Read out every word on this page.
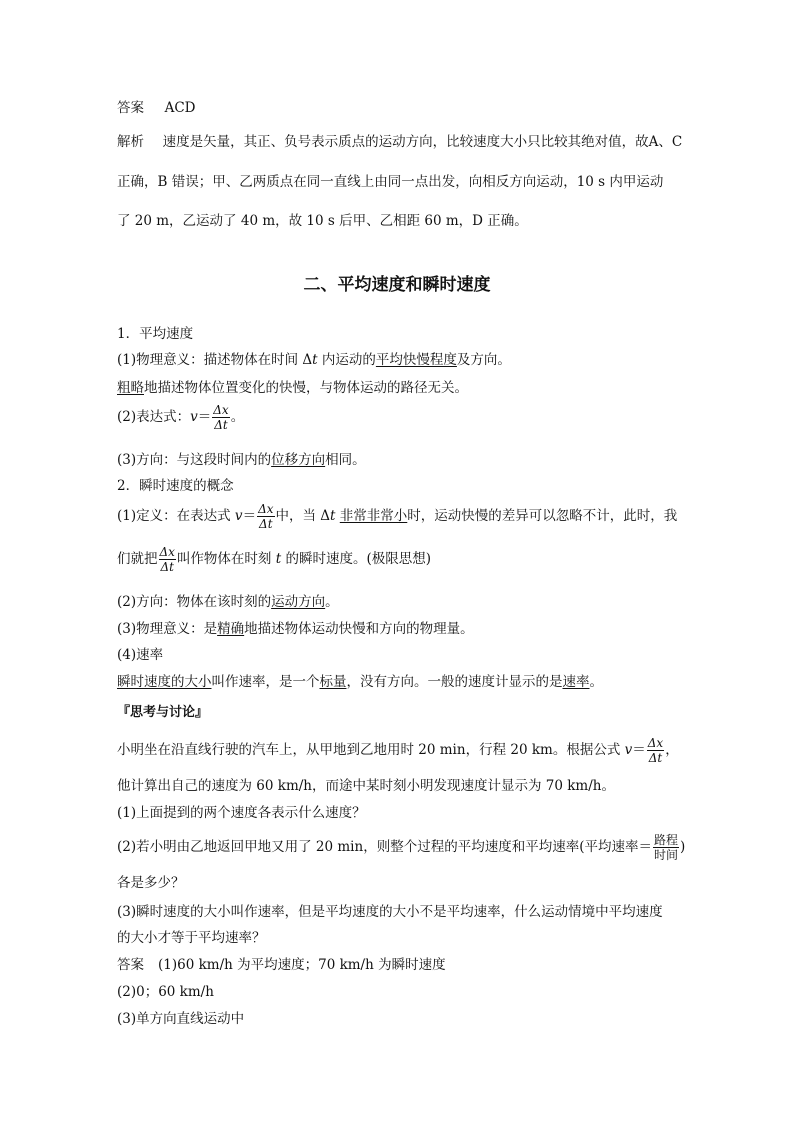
答案 ACD
解析 速度是矢量，其正、负号表示质点的运动方向，比较速度大小只比较其绝对值，故A、C
正确，B 错误；甲、乙两质点在同一直线上由同一点出发，向相反方向运动，10 s 内甲运动
了 20 m，乙运动了 40 m，故 10 s 后甲、乙相距 60 m，D 正确。
二、平均速度和瞬时速度
1．平均速度
(1)物理意义：描述物体在时间 Δt 内运动的平均快慢程度及方向。
粗略地描述物体位置变化的快慢，与物体运动的路径无关。
(2)表达式：$v= \frac{\Delta x}{\Delta t}$ 。
(3)方向：与这段时间内的位移方向相同。
2．瞬时速度的概念
(1)定义：在表达式 $v= \frac{\Delta x}{\Delta t}$ 中，当 Δt 非常非常小时，运动快慢的差异可以忽略不计，此时，我
们就把 $\frac{\Delta x}{\Delta t}$ 叫作物体在时刻 t 的瞬时速度。(极限思想)
(2)方向：物体在该时刻的运动方向。
(3)物理意义：是精确地描述物体运动快慢和方向的物理量。
(4)速率
瞬时速度的大小叫作速率，是一个标量，没有方向。一般的速度计显示的是速率。
『思考与讨论』
小明坐在沿直线行驶的汽车上，从甲地到乙地用时 20 min，行程 20 km。根据公式 $v= \frac{\Delta x}{\Delta t}$ ，
他计算出自己的速度为 60 km/h，而途中某时刻小明发现速度计显示为 70 km/h。
(1)上面提到的两个速度各表示什么速度？
(2)若小明由乙地返回甲地又用了 20 min，则整个过程的平均速度和平均速率(平均速率＝ $\frac{\text{路程}}{\text{时间}}$ )
各是多少？
(3)瞬时速度的大小叫作速率，但是平均速度的大小不是平均速率，什么运动情境中平均速度
的大小才等于平均速率？
答案 (1)60 km/h 为平均速度；70 km/h 为瞬时速度
(2)0；60 km/h
(3)单方向直线运动中
